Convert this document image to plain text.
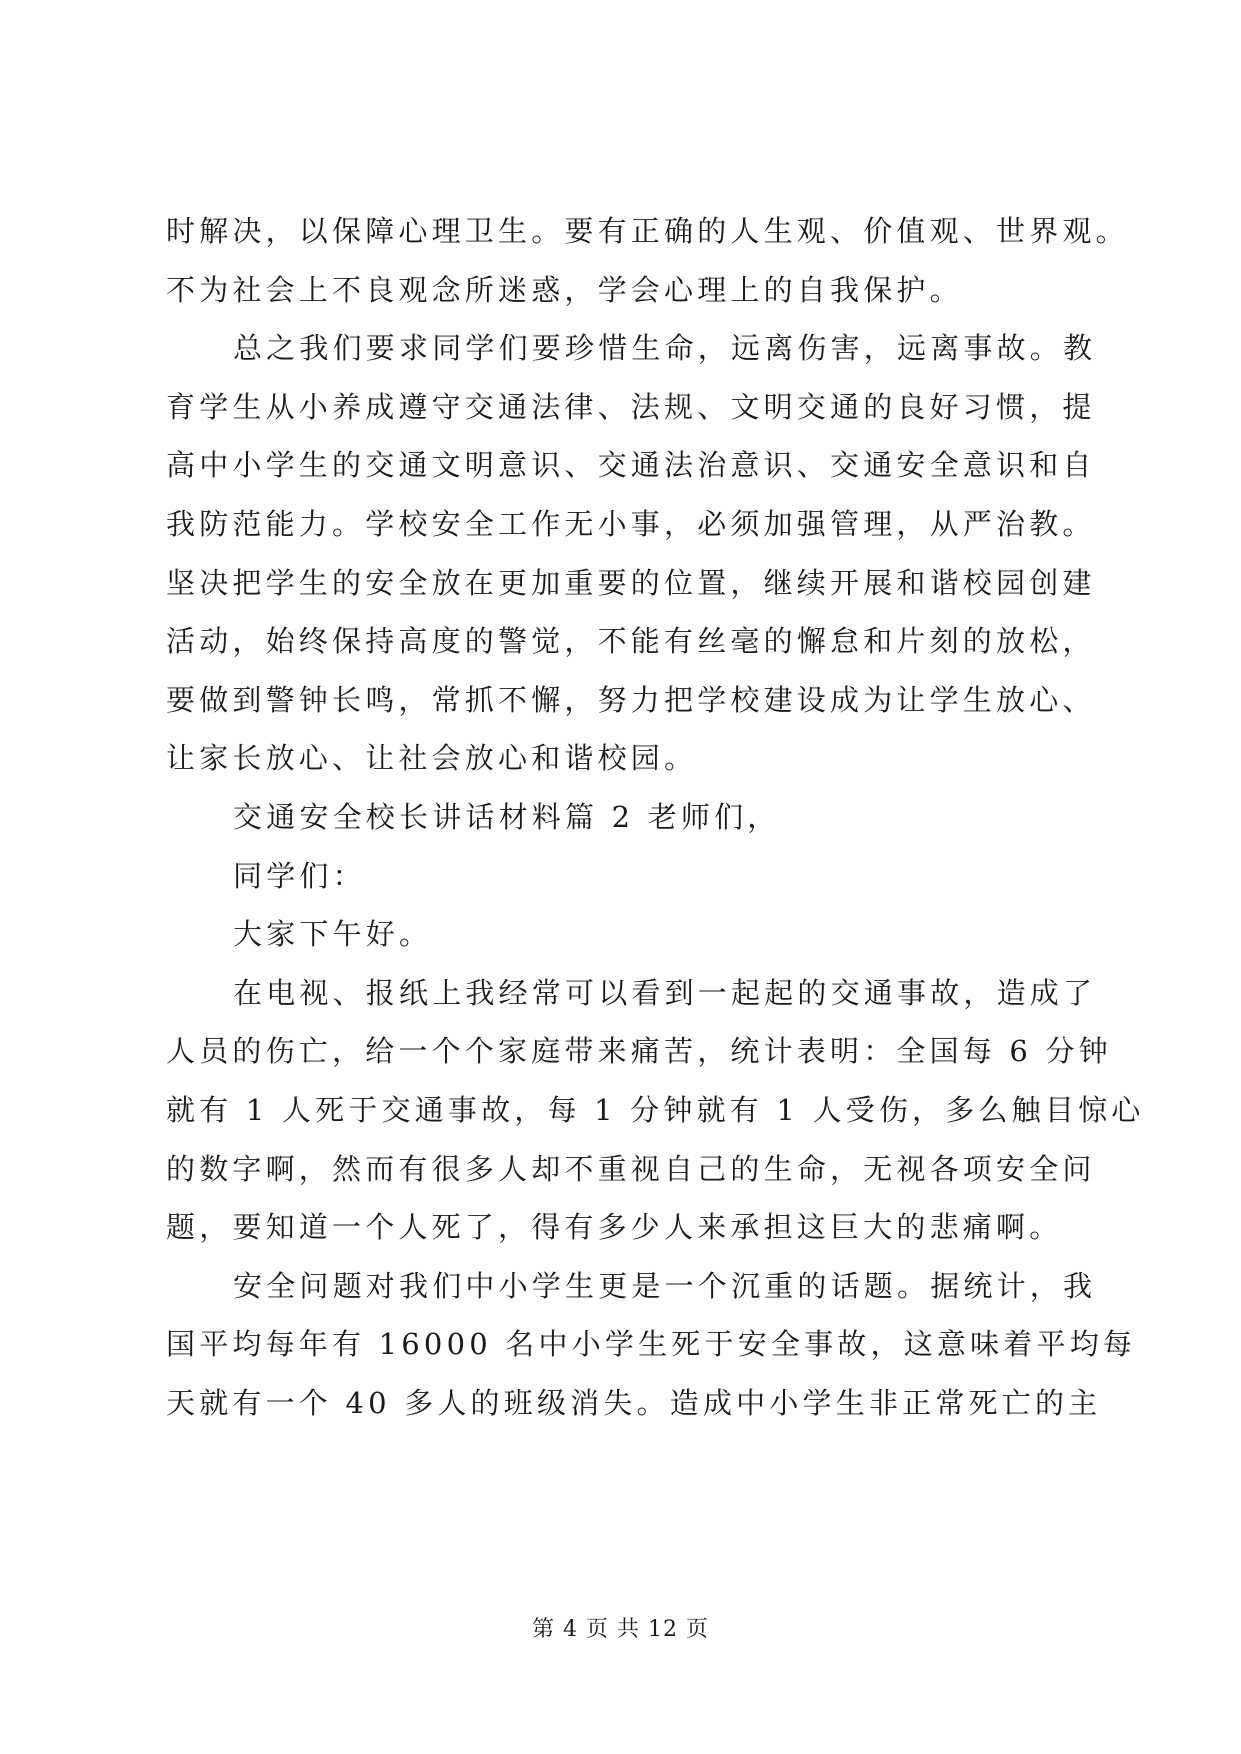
时解决，以保障心理卫生。要有正确的人生观、价值观、世界观。
不为社会上不良观念所迷惑，学会心理上的自我保护。
总之我们要求同学们要珍惜生命，远离伤害，远离事故。教
育学生从小养成遵守交通法律、法规、文明交通的良好习惯，提
高中小学生的交通文明意识、交通法治意识、交通安全意识和自
我防范能力。学校安全工作无小事，必须加强管理，从严治教。
坚决把学生的安全放在更加重要的位置，继续开展和谐校园创建
活动，始终保持高度的警觉，不能有丝毫的懈怠和片刻的放松，
要做到警钟长鸣，常抓不懈，努力把学校建设成为让学生放心、
让家长放心、让社会放心和谐校园。
交通安全校长讲话材料篇 2 老师们，
同学们：
大家下午好。
在电视、报纸上我经常可以看到一起起的交通事故，造成了
人员的伤亡，给一个个家庭带来痛苦，统计表明：全国每 6 分钟
就有 1 人死于交通事故，每 1 分钟就有 1 人受伤，多么触目惊心
的数字啊，然而有很多人却不重视自己的生命，无视各项安全问
题，要知道一个人死了，得有多少人来承担这巨大的悲痛啊。
安全问题对我们中小学生更是一个沉重的话题。据统计，我
国平均每年有 16000 名中小学生死于安全事故，这意味着平均每
天就有一个 40 多人的班级消失。造成中小学生非正常死亡的主
第 4 页 共 12 页
